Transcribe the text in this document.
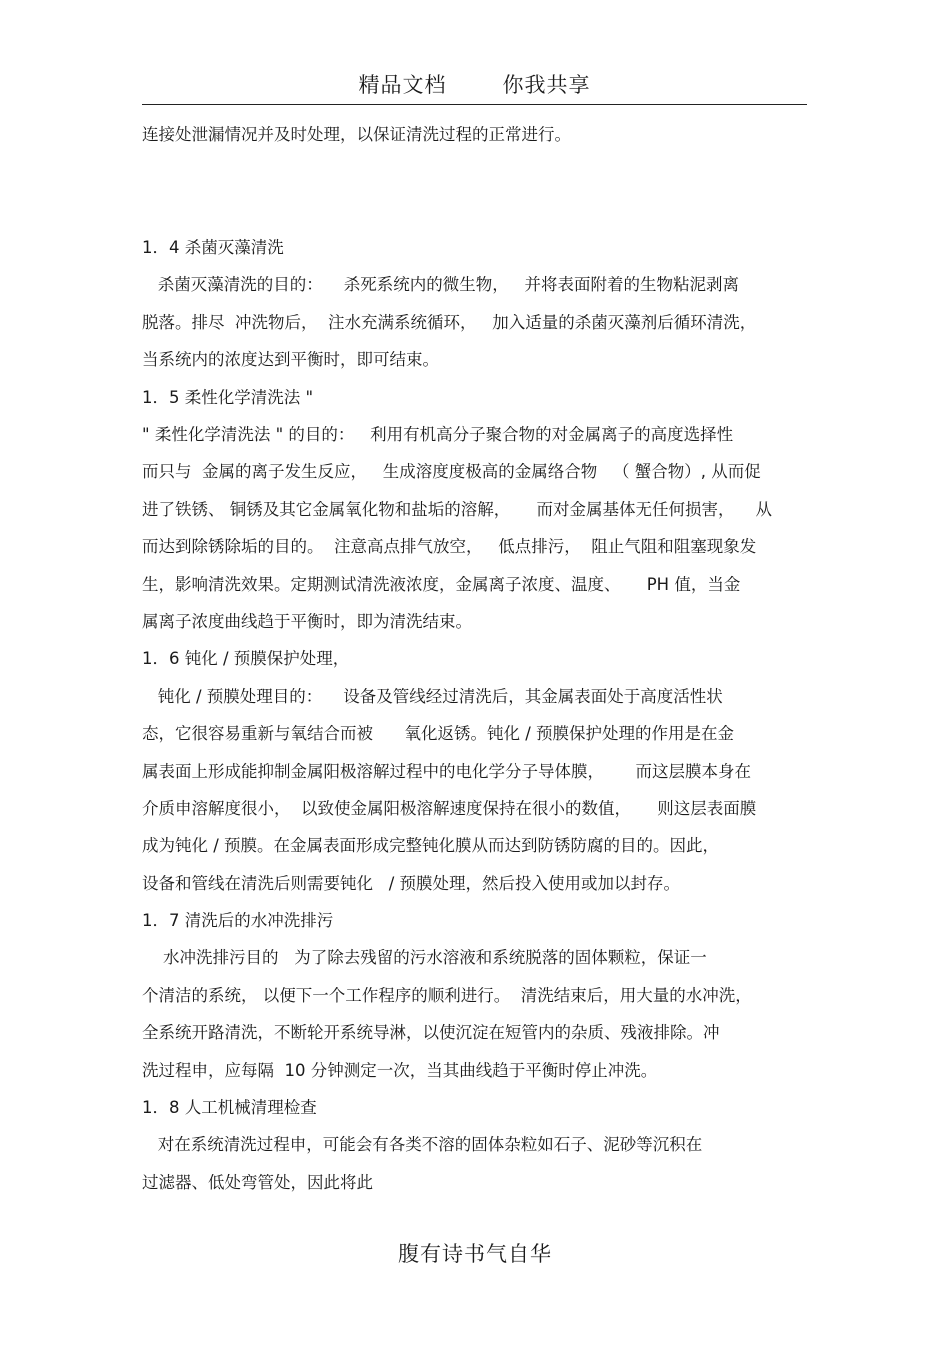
精品文档	你我共享
连接处泄漏情况并及时处理，以保证清洗过程的正常进行。
1．4 杀菌灭藻清洗
杀菌灭藻清洗的目的：    杀死系统内的微生物，   并将表面附着的生物粘泥剥离
脱落。排尽  冲洗物后，  注水充满系统循环，   加入适量的杀菌灭藻剂后循环清洗，
当系统内的浓度达到平衡时，即可结束。
1．5 柔性化学清洗法 "
" 柔性化学清洗法 " 的目的：   利用有机高分子聚合物的对金属离子的高度选择性
而只与  金属的离子发生反应，   生成溶度度极高的金属络合物   （ 蟹合物）, 从而促
进了铁锈、 铜锈及其它金属氧化物和盐垢的溶解，     而对金属基体无任何损害，    从
而达到除锈除垢的目的。  注意高点排气放空，   低点排污，  阻止气阻和阻塞现象发
生，影响清洗效果。定期测试清洗液浓度，金属离子浓度、温度、     PH 值，当金
属离子浓度曲线趋于平衡时，即为清洗结束。
1．6 钝化 / 预膜保护处理，
钝化 / 预膜处理目的：    设备及管线经过清洗后，其金属表面处于高度活性状
态，它很容易重新与氧结合而被      氧化返锈。钝化 / 预膜保护处理的作用是在金
属表面上形成能抑制金属阳极溶解过程中的电化学分子导体膜，      而这层膜本身在
介质申溶解度很小，  以致使金属阳极溶解速度保持在很小的数值，     则这层表面膜
成为钝化 / 预膜。在金属表面形成完整钝化膜从而达到防锈防腐的目的。因此，
设备和管线在清洗后则需要钝化   / 预膜处理，然后投入使用或加以封存。
1．7 清洗后的水冲洗排污
水冲洗排污目的   为了除去残留的污水溶液和系统脱落的固体颗粒，保证一
个清洁的系统， 以便下一个工作程序的顺利进行。  清洗结束后，用大量的水冲洗，
全系统开路清洗，不断轮开系统导淋，以使沉淀在短管内的杂质、残液排除。冲
洗过程申，应每隔  10 分钟测定一次，当其曲线趋于平衡时停止冲洗。
1．8 人工机械清理检查
对在系统清洗过程申，可能会有各类不溶的固体杂粒如石子、泥砂等沉积在
过滤器、低处弯管处，因此将此
腹有诗书气自华
